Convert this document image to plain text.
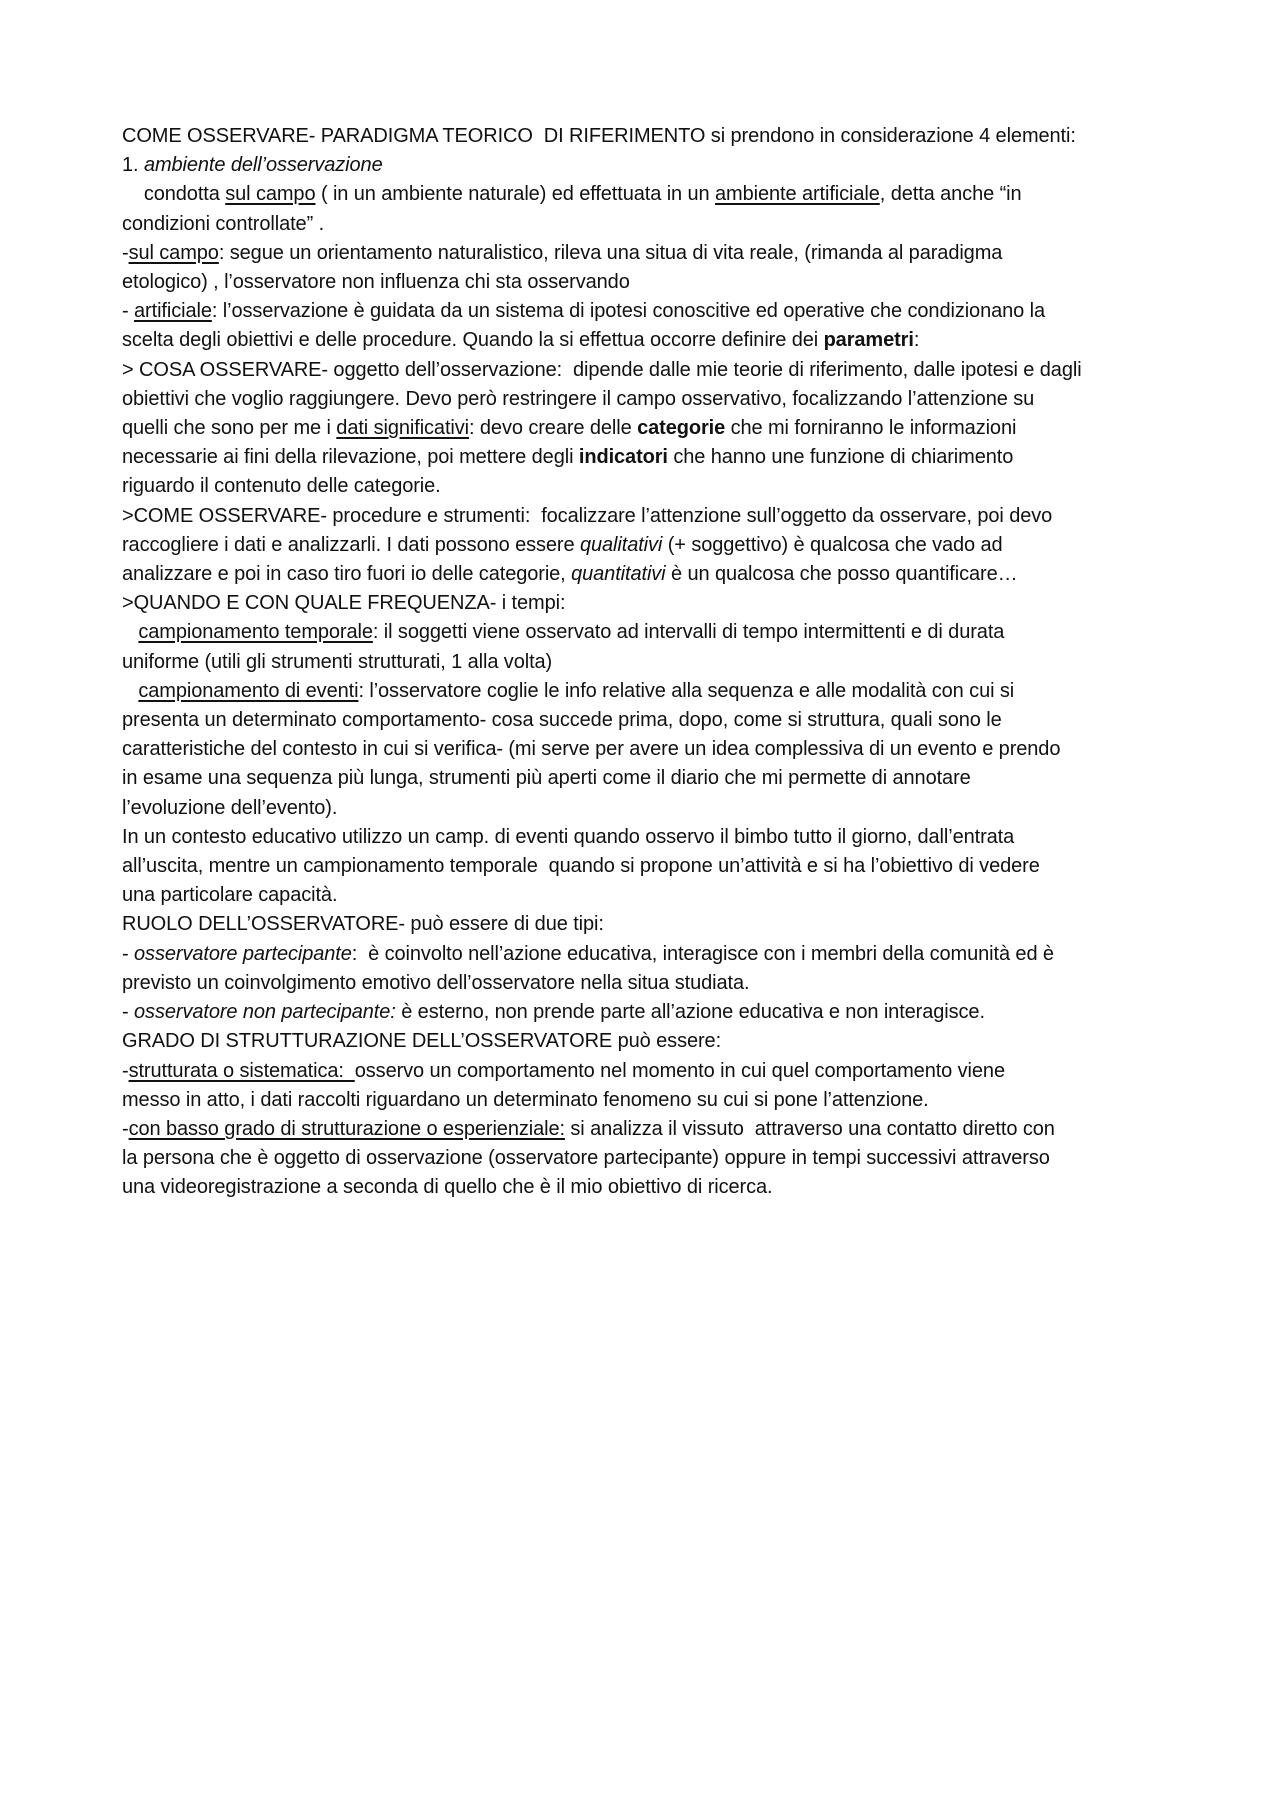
COME OSSERVARE- PARADIGMA TEORICO  DI RIFERIMENTO si prendono in considerazione 4 elementi:
1. ambiente dell’osservazione
condotta sul campo ( in un ambiente naturale) ed effettuata in un ambiente artificiale, detta anche “in
condizioni controllate” .
-sul campo: segue un orientamento naturalistico, rileva una situa di vita reale, (rimanda al paradigma
etologico) , l’osservatore non influenza chi sta osservando
- artificiale: l’osservazione è guidata da un sistema di ipotesi conoscitive ed operative che condizionano la
scelta degli obiettivi e delle procedure. Quando la si effettua occorre definire dei parametri:
> COSA OSSERVARE- oggetto dell’osservazione:  dipende dalle mie teorie di riferimento, dalle ipotesi e dagli
obiettivi che voglio raggiungere. Devo però restringere il campo osservativo, focalizzando l’attenzione su
quelli che sono per me i dati significativi: devo creare delle categorie che mi forniranno le informazioni
necessarie ai fini della rilevazione, poi mettere degli indicatori che hanno une funzione di chiarimento
riguardo il contenuto delle categorie.
>COME OSSERVARE- procedure e strumenti:  focalizzare l’attenzione sull’oggetto da osservare, poi devo
raccogliere i dati e analizzarli. I dati possono essere qualitativi (+ soggettivo) è qualcosa che vado ad
analizzare e poi in caso tiro fuori io delle categorie, quantitativi è un qualcosa che posso quantificare…
>QUANDO E CON QUALE FREQUENZA- i tempi:
campionamento temporale: il soggetti viene osservato ad intervalli di tempo intermittenti e di durata
uniforme (utili gli strumenti strutturati, 1 alla volta)
campionamento di eventi: l’osservatore coglie le info relative alla sequenza e alle modalità con cui si
presenta un determinato comportamento- cosa succede prima, dopo, come si struttura, quali sono le
caratteristiche del contesto in cui si verifica- (mi serve per avere un idea complessiva di un evento e prendo
in esame una sequenza più lunga, strumenti più aperti come il diario che mi permette di annotare
l’evoluzione dell’evento).
In un contesto educativo utilizzo un camp. di eventi quando osservo il bimbo tutto il giorno, dall’entrata
all’uscita, mentre un campionamento temporale  quando si propone un’attività e si ha l’obiettivo di vedere
una particolare capacità.
RUOLO DELL’OSSERVATORE- può essere di due tipi:
- osservatore partecipante:  è coinvolto nell’azione educativa, interagisce con i membri della comunità ed è
previsto un coinvolgimento emotivo dell’osservatore nella situa studiata.
- osservatore non partecipante: è esterno, non prende parte all’azione educativa e non interagisce.
GRADO DI STRUTTURAZIONE DELL’OSSERVATORE può essere:
-strutturata o sistematica:  osservo un comportamento nel momento in cui quel comportamento viene
messo in atto, i dati raccolti riguardano un determinato fenomeno su cui si pone l’attenzione.
-con basso grado di strutturazione o esperienziale: si analizza il vissuto  attraverso una contatto diretto con
la persona che è oggetto di osservazione (osservatore partecipante) oppure in tempi successivi attraverso
una videoregistrazione a seconda di quello che è il mio obiettivo di ricerca.
